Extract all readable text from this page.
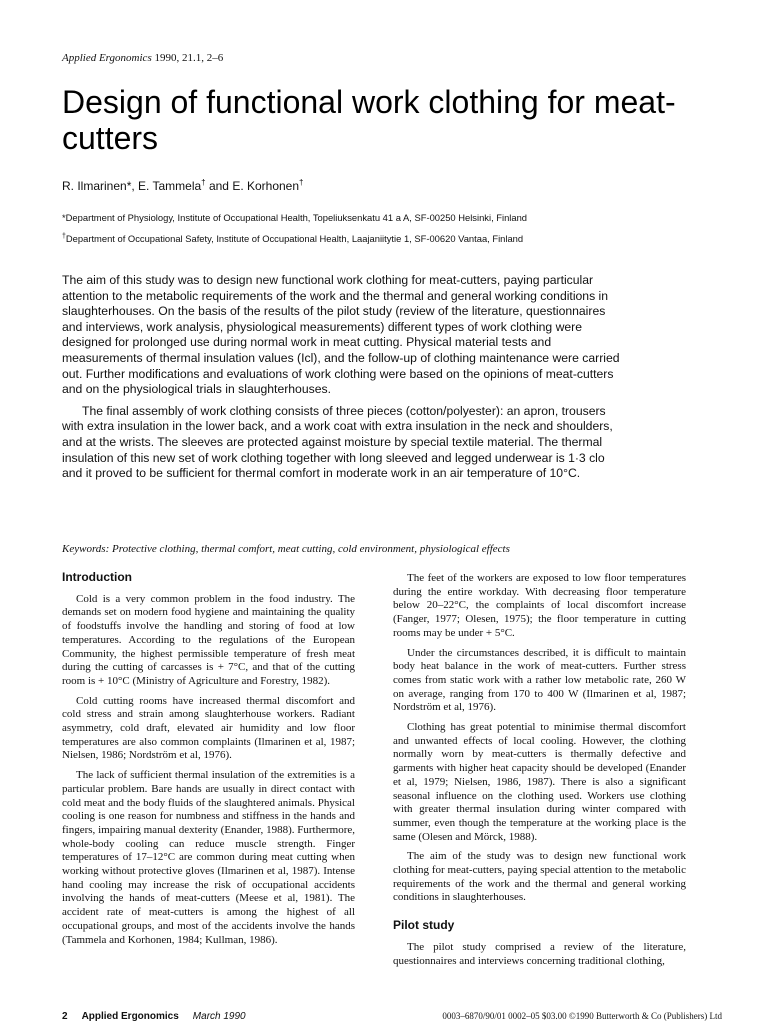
Applied Ergonomics 1990, 21.1, 2–6
Design of functional work clothing for meat-cutters
R. Ilmarinen*, E. Tammela† and E. Korhonen†
*Department of Physiology, Institute of Occupational Health, Topeliuksenkatu 41 a A, SF-00250 Helsinki, Finland
†Department of Occupational Safety, Institute of Occupational Health, Laajaniitytie 1, SF-00620 Vantaa, Finland

The aim of this study was to design new functional work clothing for meat-cutters, paying particular attention to the metabolic requirements of the work and the thermal and general working conditions in slaughterhouses. On the basis of the results of the pilot study (review of the literature, questionnaires and interviews, work analysis, physiological measurements) different types of work clothing were designed for prolonged use during normal work in meat cutting. Physical material tests and measurements of thermal insulation values (Icl), and the follow-up of clothing maintenance were carried out. Further modifications and evaluations of work clothing were based on the opinions of meat-cutters and on the physiological trials in slaughterhouses.

The final assembly of work clothing consists of three pieces (cotton/polyester): an apron, trousers with extra insulation in the lower back, and a work coat with extra insulation in the neck and shoulders, and at the wrists. The sleeves are protected against moisture by special textile material. The thermal insulation of this new set of work clothing together with long sleeved and legged underwear is 1·3 clo and it proved to be sufficient for thermal comfort in moderate work in an air temperature of 10°C.

Keywords: Protective clothing, thermal comfort, meat cutting, cold environment, physiological effects
Introduction

Cold is a very common problem in the food industry. The demands set on modern food hygiene and maintaining the quality of foodstuffs involve the handling and storing of food at low temperatures. According to the regulations of the European Community, the highest permissible temperature of fresh meat during the cutting of carcasses is + 7°C, and that of the cutting room is + 10°C (Ministry of Agriculture and Forestry, 1982).

Cold cutting rooms have increased thermal discomfort and cold stress and strain among slaughterhouse workers. Radiant asymmetry, cold draft, elevated air humidity and low floor temperatures are also common complaints (Ilmarinen et al, 1987; Nielsen, 1986; Nordström et al, 1976).

The lack of sufficient thermal insulation of the extremities is a particular problem. Bare hands are usually in direct contact with cold meat and the body fluids of the slaughtered animals. Physical cooling is one reason for numbness and stiffness in the hands and fingers, impairing manual dexterity (Enander, 1988). Furthermore, whole-body cooling can reduce muscle strength. Finger temperatures of 17–12°C are common during meat cutting when working without protective gloves (Ilmarinen et al, 1987). Intense hand cooling may increase the risk of occupational accidents involving the hands of meat-cutters (Meese et al, 1981). The accident rate of meat-cutters is among the highest of all occupational groups, and most of the accidents involve the hands (Tammela and Korhonen, 1984; Kullman, 1986).

The feet of the workers are exposed to low floor temperatures during the entire workday. With decreasing floor temperature below 20–22°C, the complaints of local discomfort increase (Fanger, 1977; Olesen, 1975); the floor temperature in cutting rooms may be under + 5°C.

Under the circumstances described, it is difficult to maintain body heat balance in the work of meat-cutters. Further stress comes from static work with a rather low metabolic rate, 260 W on average, ranging from 170 to 400 W (Ilmarinen et al, 1987; Nordström et al, 1976).

Clothing has great potential to minimise thermal discomfort and unwanted effects of local cooling. However, the clothing normally worn by meat-cutters is thermally defective and garments with higher heat capacity should be developed (Enander et al, 1979; Nielsen, 1986, 1987). There is also a significant seasonal influence on the clothing used. Workers use clothing with greater thermal insulation during winter compared with summer, even though the temperature at the working place is the same (Olesen and Mörck, 1988).

The aim of the study was to design new functional work clothing for meat-cutters, paying special attention to the metabolic requirements of the work and the thermal and general working conditions in slaughterhouses.

Pilot study

The pilot study comprised a review of the literature, questionnaires and interviews concerning traditional clothing,

2 Applied Ergonomics March 1990	0003–6870/90/01 0002–05 $03.00 ©1990 Butterworth & Co (Publishers) Ltd
